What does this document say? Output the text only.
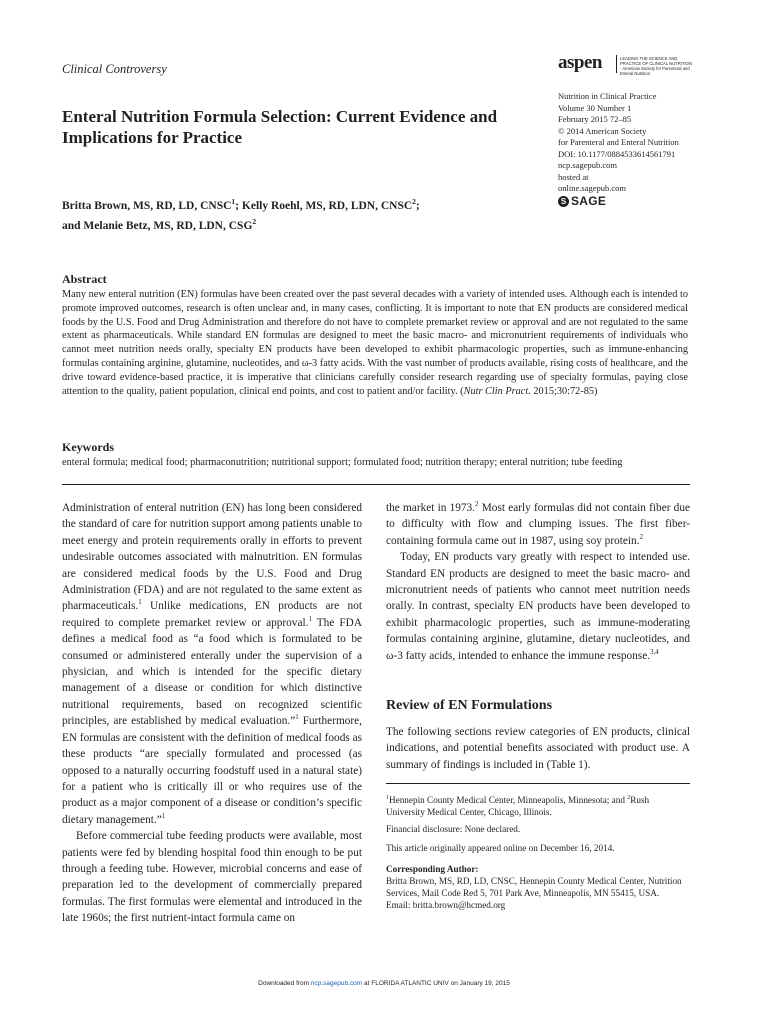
Clinical Controversy	aspen	LEADING THE SCIENCE AND PRACTICE OF CLINICAL NUTRITION · American Society for Parenteral and Enteral Nutrition
Enteral Nutrition Formula Selection: Current Evidence and Implications for Practice
Nutrition in Clinical Practice
Volume 30 Number 1
February 2015 72–85
© 2014 American Society
for Parenteral and Enteral Nutrition
DOI: 10.1177/0884533614561791
ncp.sagepub.com
hosted at
online.sagepub.com
S SAGE
Britta Brown, MS, RD, LD, CNSC$^1$; Kelly Roehl, MS, RD, LDN, CNSC$^2$;
and Melanie Betz, MS, RD, LDN, CSG$^2$
Abstract
Many new enteral nutrition (EN) formulas have been created over the past several decades with a variety of intended uses. Although each is intended to promote improved outcomes, research is often unclear and, in many cases, conflicting. It is important to note that EN products are considered medical foods by the U.S. Food and Drug Administration and therefore do not have to complete premarket review or approval and are not regulated to the same extent as pharmaceuticals. While standard EN formulas are designed to meet the basic macro- and micronutrient requirements of individuals who cannot meet nutrition needs orally, specialty EN products have been developed to exhibit pharmacologic properties, such as immune-enhancing formulas containing arginine, glutamine, nucleotides, and ω-3 fatty acids. With the vast number of products available, rising costs of healthcare, and the drive toward evidence-based practice, it is imperative that clinicians carefully consider research regarding use of specialty formulas, paying close attention to the quality, patient population, clinical end points, and cost to patient and/or facility. (Nutr Clin Pract. 2015;30:72-85)
Keywords
enteral formula; medical food; pharmaconutrition; nutritional support; formulated food; nutrition therapy; enteral nutrition; tube feeding

Administration of enteral nutrition (EN) has long been considered the standard of care for nutrition support among patients unable to meet energy and protein requirements orally in efforts to prevent undesirable outcomes associated with malnutrition. EN formulas are considered medical foods by the U.S. Food and Drug Administration (FDA) and are not regulated to the same extent as pharmaceuticals.$^1$ Unlike medications, EN products are not required to complete premarket review or approval.$^1$ The FDA defines a medical food as “a food which is formulated to be consumed or administered enterally under the supervision of a physician, and which is intended for the specific dietary management of a disease or condition for which distinctive nutritional requirements, based on recognized scientific principles, are established by medical evaluation.”$^1$ Furthermore, EN formulas are consistent with the definition of medical foods as these products “are specially formulated and processed (as opposed to a naturally occurring foodstuff used in a natural state) for a patient who is critically ill or who requires use of the product as a major component of a disease or condition’s specific dietary management.”$^1$

Before commercial tube feeding products were available, most patients were fed by blending hospital food thin enough to be put through a feeding tube. However, microbial concerns and ease of preparation led to the development of commercially prepared formulas. The first formulas were elemental and introduced in the late 1960s; the first nutrient-intact formula came on

the market in 1973.$^2$ Most early formulas did not contain fiber due to difficulty with flow and clumping issues. The first fiber-containing formula came out in 1987, using soy protein.$^2$

Today, EN products vary greatly with respect to intended use. Standard EN products are designed to meet the basic macro- and micronutrient needs of patients who cannot meet nutrition needs orally. In contrast, specialty EN products have been developed to exhibit pharmacologic properties, such as immune-moderating formulas containing arginine, glutamine, dietary nucleotides, and ω-3 fatty acids, intended to enhance the immune response.$^{3,4}$

Review of EN Formulations
The following sections review categories of EN products, clinical indications, and potential benefits associated with product use. A summary of findings is included in (Table 1).
$^1$Hennepin County Medical Center, Minneapolis, Minnesota; and $^2$Rush University Medical Center, Chicago, Illinois.
Financial disclosure: None declared.
This article originally appeared online on December 16, 2014.
Corresponding Author:
Britta Brown, MS, RD, LD, CNSC, Hennepin County Medical Center, Nutrition Services, Mail Code Red 5, 701 Park Ave, Minneapolis, MN 55415, USA.
Email: britta.brown@hcmed.org
Downloaded from ncp.sagepub.com at FLORIDA ATLANTIC UNIV on January 19, 2015
